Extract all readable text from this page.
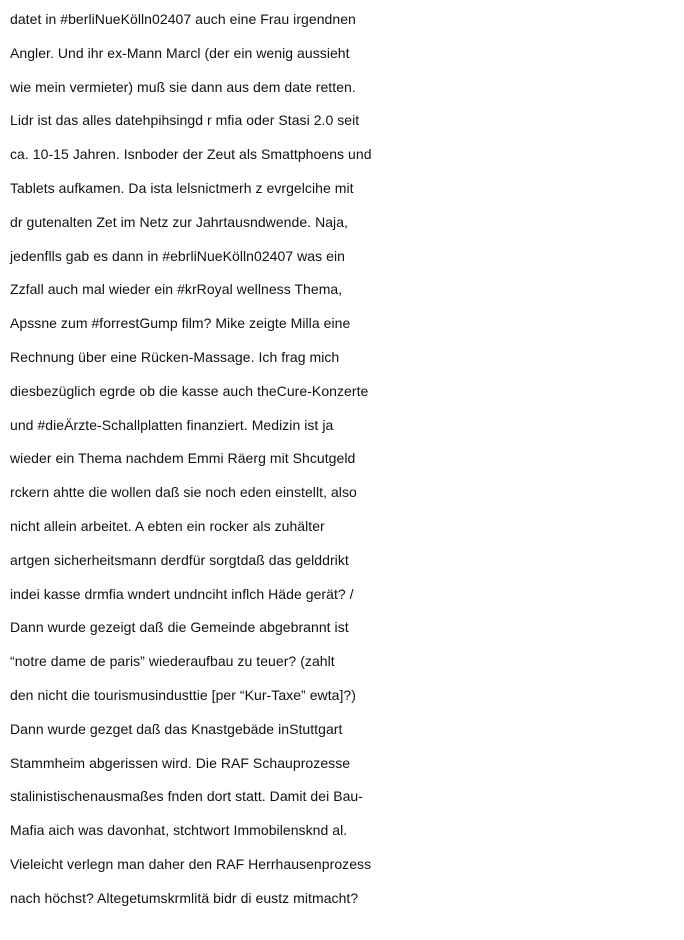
datet in #berliNueKölln02407 auch eine Frau irgendnen
Angler. Und ihr ex-Mann Marcl (der ein wenig aussieht
wie mein vermieter) muß sie dann aus dem date retten.
Lidr ist das alles datehpihsingd r mfia oder Stasi 2.0 seit
ca. 10-15 Jahren. Isnboder der Zeut als Smattphoens und
Tablets aufkamen. Da ista lelsnictmerh z evrgelcihe mit
dr gutenalten Zet im Netz zur Jahrtausndwende. Naja,
jedenflls gab es dann in #ebrliNueKölln02407 was ein
Zzfall auch mal wieder ein #krRoyal wellness Thema,
Apssne zum #forrestGump film? Mike zeigte Milla eine
Rechnung über eine Rücken-Massage. Ich frag mich
diesbezüglich egrde ob die kasse auch theCure-Konzerte
und #dieÄrzte-Schallplatten finanziert. Medizin ist ja
wieder ein Thema nachdem Emmi Räerg mit Shcutgeld
rckern ahtte die wollen daß sie noch eden einstellt, also
nicht allein arbeitet. A ebten ein rocker als zuhälter
artgen sicherheitsmann derdfür sorgtdaß das gelddrikt
indei kasse drmfia wndert undnciht inflch Häde gerät? /
Dann wurde gezeigt daß die Gemeinde abgebrannt ist
“notre dame de paris” wiederaufbau zu teuer? (zahlt
den nicht die tourismusindusttie [per “Kur-Taxe” ewta]?)
Dann wurde gezget daß das Knastgebäde inStuttgart
Stammheim abgerissen wird. Die RAF Schauprozesse
stalinistischenausmaßes fnden dort statt. Damit dei Bau-
Mafia aich was davonhat, stchtwort Immobilensknd al.
Vieleicht verlegn man daher den RAF Herrhausenprozess
nach höchst? Altegetumskrmlitä bidr di eustz mitmacht?
